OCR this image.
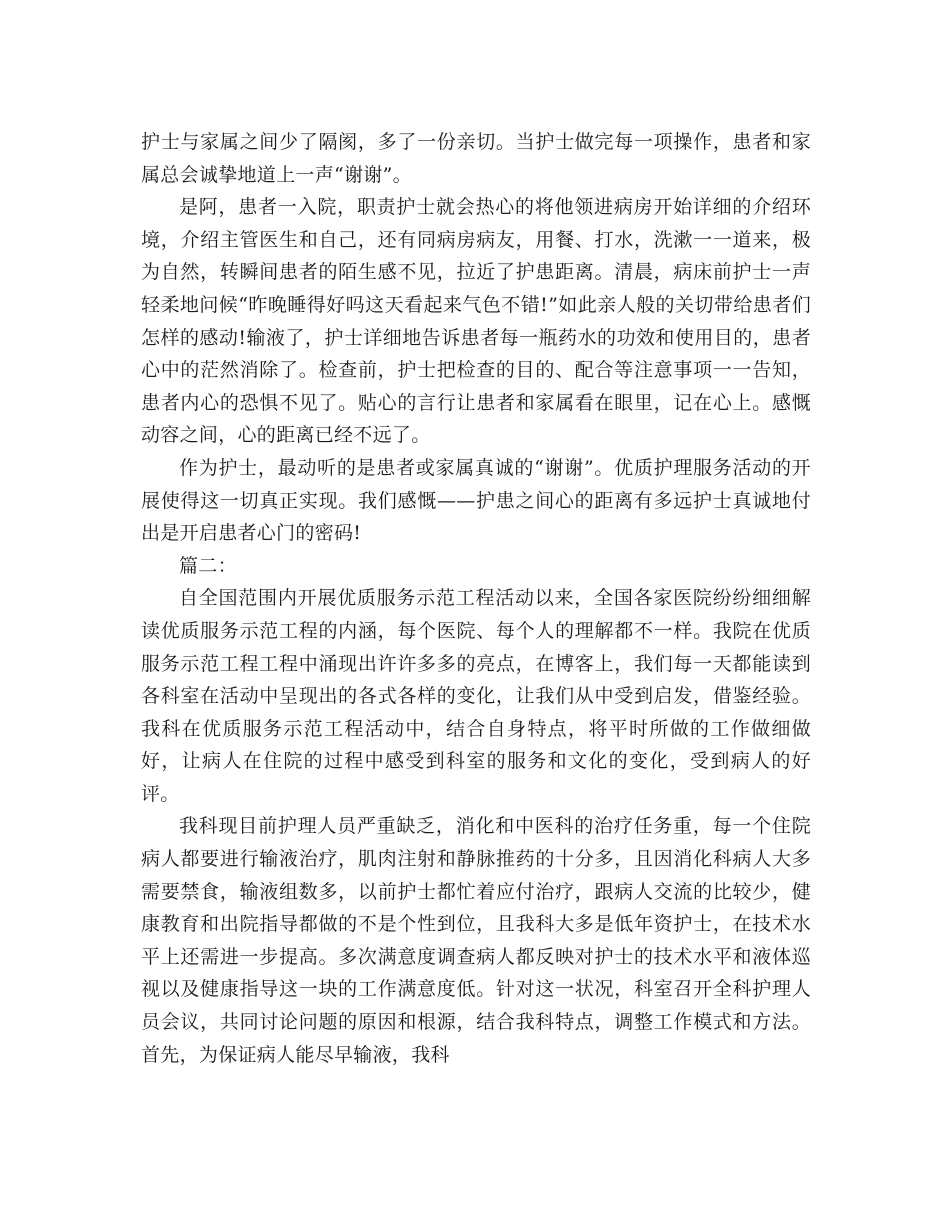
护士与家属之间少了隔阂，多了一份亲切。当护士做完每一项操作，患者和家属总会诚挚地道上一声“谢谢”。

是阿，患者一入院，职责护士就会热心的将他领进病房开始详细的介绍环境，介绍主管医生和自己，还有同病房病友，用餐、打水，洗漱一一道来，极为自然，转瞬间患者的陌生感不见，拉近了护患距离。清晨，病床前护士一声轻柔地问候“昨晚睡得好吗这天看起来气色不错!”如此亲人般的关切带给患者们怎样的感动!输液了，护士详细地告诉患者每一瓶药水的功效和使用目的，患者心中的茫然消除了。检查前，护士把检查的目的、配合等注意事项一一告知，患者内心的恐惧不见了。贴心的言行让患者和家属看在眼里，记在心上。感慨动容之间，心的距离已经不远了。

作为护士，最动听的是患者或家属真诚的“谢谢”。优质护理服务活动的开展使得这一切真正实现。我们感慨——护患之间心的距离有多远护士真诚地付出是开启患者心门的密码!

篇二：

自全国范围内开展优质服务示范工程活动以来，全国各家医院纷纷细细解读优质服务示范工程的内涵，每个医院、每个人的理解都不一样。我院在优质服务示范工程工程中涌现出许许多多的亮点，在博客上，我们每一天都能读到各科室在活动中呈现出的各式各样的变化，让我们从中受到启发，借鉴经验。我科在优质服务示范工程活动中，结合自身特点，将平时所做的工作做细做好，让病人在住院的过程中感受到科室的服务和文化的变化，受到病人的好评。

我科现目前护理人员严重缺乏，消化和中医科的治疗任务重，每一个住院病人都要进行输液治疗，肌肉注射和静脉推药的十分多，且因消化科病人大多需要禁食，输液组数多，以前护士都忙着应付治疗，跟病人交流的比较少，健康教育和出院指导都做的不是个性到位，且我科大多是低年资护士，在技术水平上还需进一步提高。多次满意度调查病人都反映对护士的技术水平和液体巡视以及健康指导这一块的工作满意度低。针对这一状况，科室召开全科护理人员会议，共同讨论问题的原因和根源，结合我科特点，调整工作模式和方法。首先，为保证病人能尽早输液，我科
